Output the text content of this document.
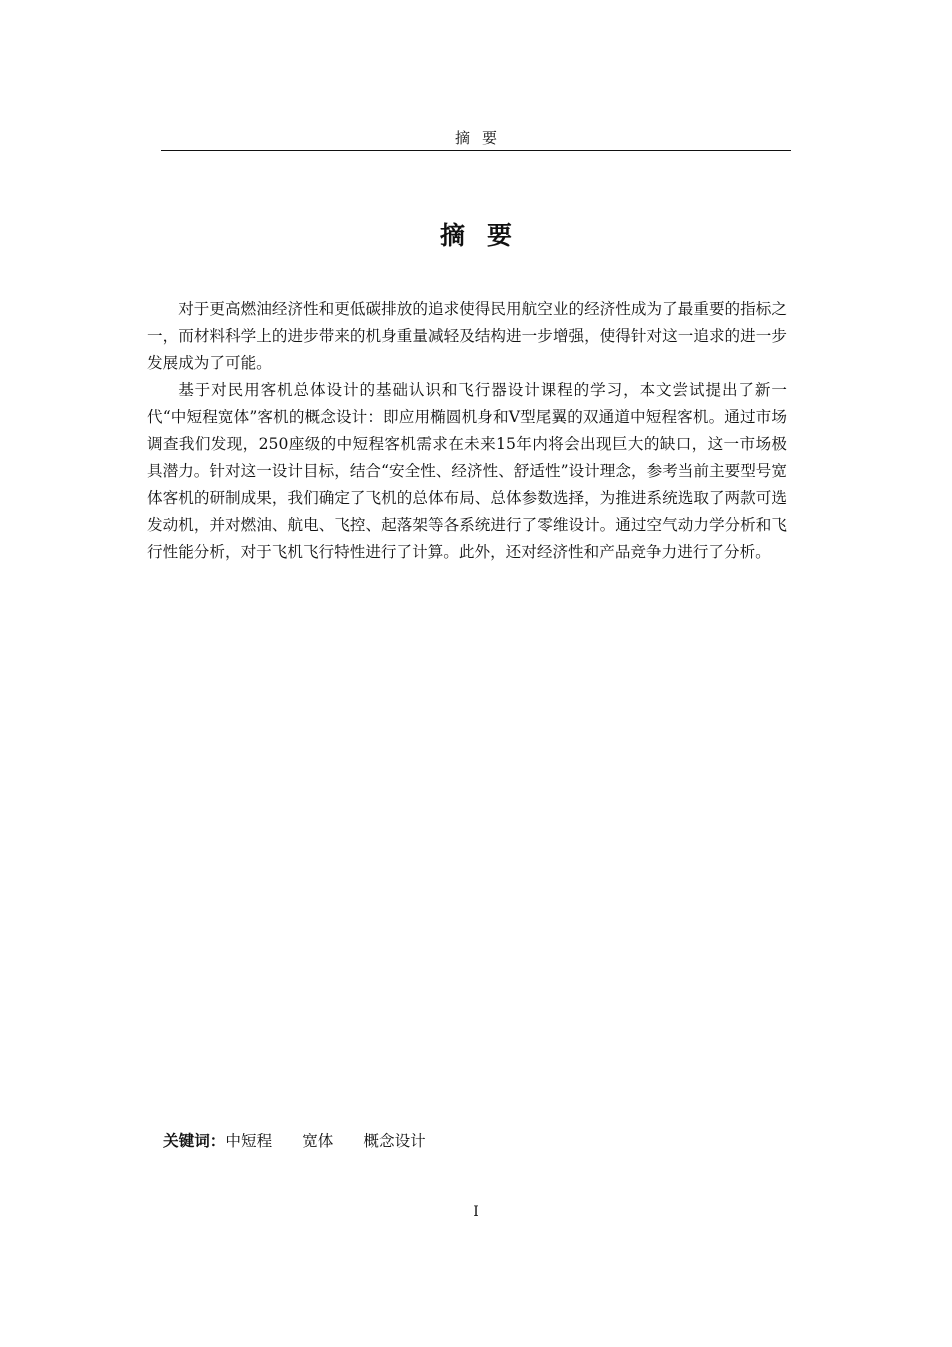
摘要
摘要

对于更高燃油经济性和更低碳排放的追求使得民用航空业的经济性成为了最重要的指标之一，而材料科学上的进步带来的机身重量减轻及结构进一步增强，使得针对这一追求的进一步发展成为了可能。

基于对民用客机总体设计的基础认识和飞行器设计课程的学习，本文尝试提出了新一代“中短程宽体”客机的概念设计：即应用椭圆机身和V型尾翼的双通道中短程客机。通过市场调查我们发现，250座级的中短程客机需求在未来15年内将会出现巨大的缺口，这一市场极具潜力。针对这一设计目标，结合“安全性、经济性、舒适性”设计理念，参考当前主要型号宽体客机的研制成果，我们确定了飞机的总体布局、总体参数选择，为推进系统选取了两款可选发动机，并对燃油、航电、飞控、起落架等各系统进行了零维设计。通过空气动力学分析和飞行性能分析，对于飞机飞行特性进行了计算。此外，还对经济性和产品竞争力进行了分析。

关键词：中短程 宽体 概念设计
I
